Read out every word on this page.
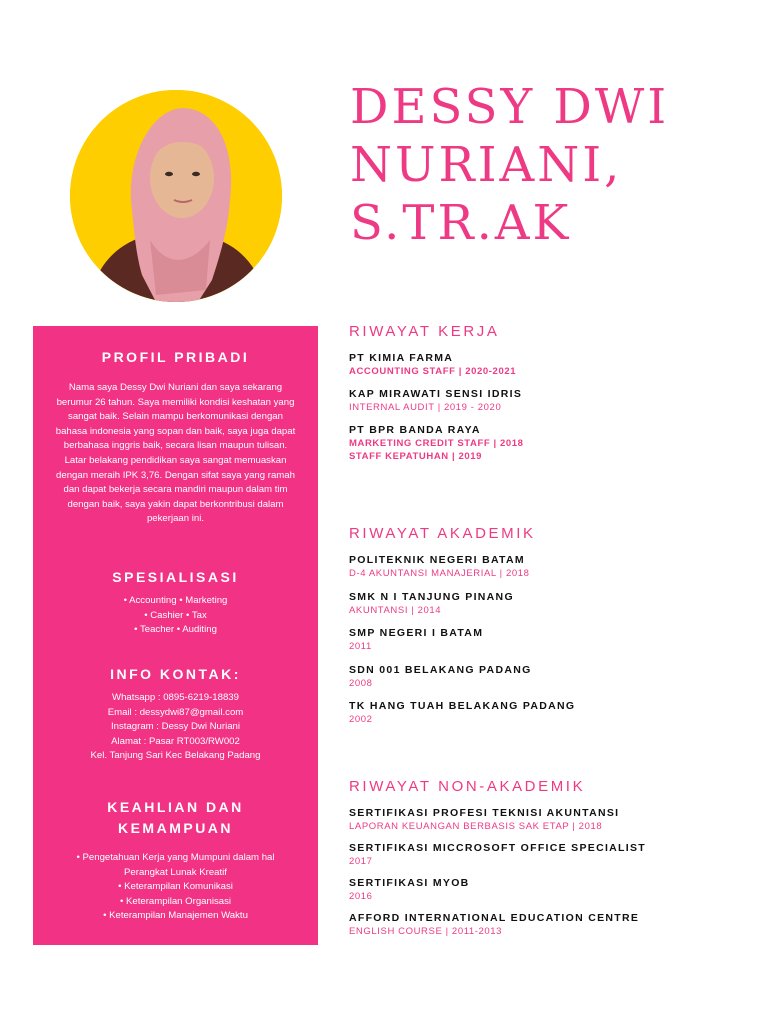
DESSY DWI
NURIANI,
S.TR.AK
PROFIL PRIBADI

Nama saya Dessy Dwi Nuriani dan saya sekarang berumur 26 tahun. Saya memiliki kondisi keshatan yang sangat baik. Selain mampu berkomunikasi dengan bahasa indonesia yang sopan dan baik, saya juga dapat berbahasa inggris baik, secara lisan maupun tulisan. Latar belakang pendidikan saya sangat memuaskan dengan meraih IPK 3,76. Dengan sifat saya yang ramah dan dapat bekerja secara mandiri maupun dalam tim dengan baik, saya yakin dapat berkontribusi dalam pekerjaan ini.

SPESIALISASI
• Accounting • Marketing
• Cashier • Tax
• Teacher • Auditing
INFO KONTAK:
Whatsapp : 0895-6219-18839
Email : dessydwi87@gmail.com
Instagram : Dessy Dwi Nuriani
Alamat : Pasar RT003/RW002
Kel. Tanjung Sari Kec Belakang Padang
KEAHLIAN DAN
KEMAMPUAN
• Pengetahuan Kerja yang Mumpuni dalam hal
Perangkat Lunak Kreatif
• Keterampilan Komunikasi
• Keterampilan Organisasi
• Keterampilan Manajemen Waktu
RIWAYAT KERJA
PT KIMIA FARMA
ACCOUNTING STAFF | 2020-2021
KAP MIRAWATI SENSI IDRIS
INTERNAL AUDIT | 2019 - 2020
PT BPR BANDA RAYA
MARKETING CREDIT STAFF | 2018
STAFF KEPATUHAN | 2019
RIWAYAT AKADEMIK
POLITEKNIK NEGERI BATAM
D-4 AKUNTANSI MANAJERIAL | 2018
SMK N I TANJUNG PINANG
AKUNTANSI | 2014
SMP NEGERI I BATAM
2011
SDN 001 BELAKANG PADANG
2008
TK HANG TUAH BELAKANG PADANG
2002
RIWAYAT NON-AKADEMIK
SERTIFIKASI PROFESI TEKNISI AKUNTANSI
LAPORAN KEUANGAN BERBASIS SAK ETAP | 2018
SERTIFIKASI MICCROSOFT OFFICE SPECIALIST
2017
SERTIFIKASI MYOB
2016
AFFORD INTERNATIONAL EDUCATION CENTRE
ENGLISH COURSE | 2011-2013
